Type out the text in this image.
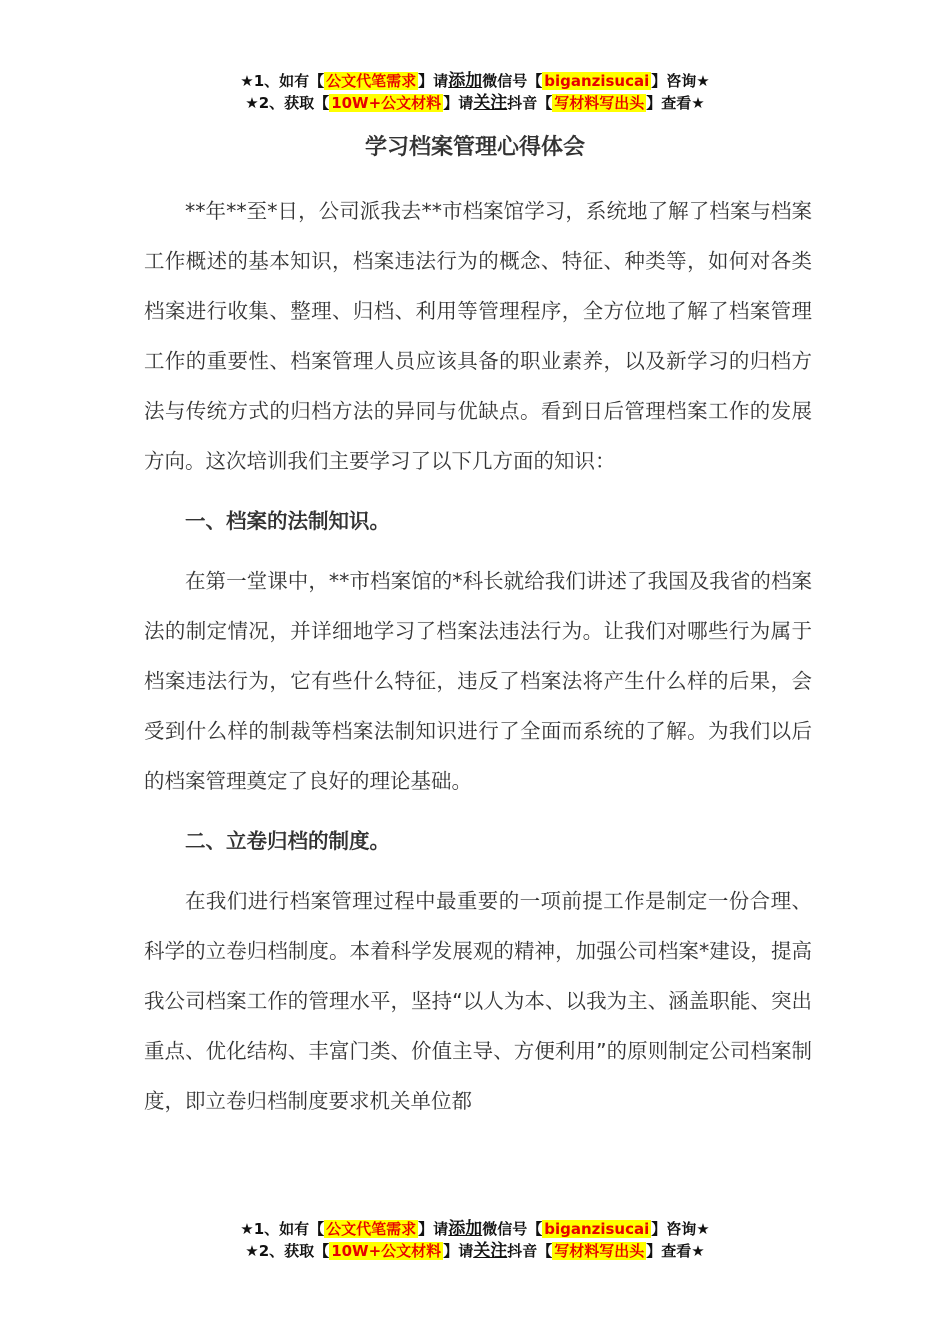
★1、如有【 公文代笔需求 】请添加微信号【 biganzisucai 】咨询★
★2、获取【 10W+公文材料 】请关注抖音【 写材料写出头 】查看★
学习档案管理心得体会

**年**至*日，公司派我去**市档案馆学习，系统地了解了档案与档案工作概述的基本知识，档案违法行为的概念、特征、种类等，如何对各类档案进行收集、整理、归档、利用等管理程序，全方位地了解了档案管理工作的重要性、档案管理人员应该具备的职业素养，以及新学习的归档方法与传统方式的归档方法的异同与优缺点。看到日后管理档案工作的发展方向。这次培训我们主要学习了以下几方面的知识：

一、档案的法制知识。

在第一堂课中，**市档案馆的*科长就给我们讲述了我国及我省的档案法的制定情况，并详细地学习了档案法违法行为。让我们对哪些行为属于档案违法行为，它有些什么特征，违反了档案法将产生什么样的后果，会受到什么样的制裁等档案法制知识进行了全面而系统的了解。为我们以后的档案管理奠定了良好的理论基础。

二、立卷归档的制度。

在我们进行档案管理过程中最重要的一项前提工作是制定一份合理、科学的立卷归档制度。本着科学发展观的精神，加强公司档案*建设，提高我公司档案工作的管理水平，坚持“以人为本、以我为主、涵盖职能、突出重点、优化结构、丰富门类、价值主导、方便利用”的原则制定公司档案制度，即立卷归档制度要求机关单位都

★1、如有【 公文代笔需求 】请添加微信号【 biganzisucai 】咨询★
★2、获取【 10W+公文材料 】请关注抖音【 写材料写出头 】查看★
